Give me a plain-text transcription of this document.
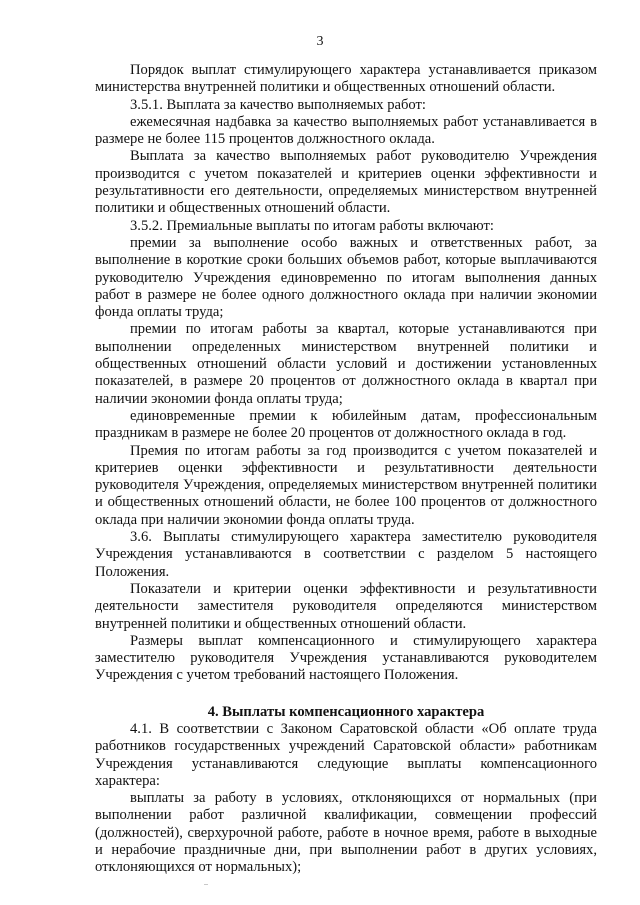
3

Порядок выплат стимулирующего характера устанавливается приказом министерства внутренней политики и общественных отношений области.

3.5.1. Выплата за качество выполняемых работ:

ежемесячная надбавка за качество выполняемых работ устанавливается в размере не более 115 процентов должностного оклада.

Выплата за качество выполняемых работ руководителю Учреждения производится с учетом показателей и критериев оценки эффективности и результативности его деятельности, определяемых министерством внутренней политики и общественных отношений области.

3.5.2. Премиальные выплаты по итогам работы включают:

премии за выполнение особо важных и ответственных работ, за выполнение в короткие сроки больших объемов работ, которые выплачиваются руководителю Учреждения единовременно по итогам выполнения данных работ в размере не более одного должностного оклада при наличии экономии фонда оплаты труда;

премии по итогам работы за квартал, которые устанавливаются при выполнении определенных министерством внутренней политики и общественных отношений области условий и достижении установленных показателей, в размере 20 процентов от должностного оклада в квартал при наличии экономии фонда оплаты труда;

единовременные премии к юбилейным датам, профессиональным праздникам в размере не более 20 процентов от должностного оклада в год.

Премия по итогам работы за год производится с учетом показателей и критериев оценки эффективности и результативности деятельности руководителя Учреждения, определяемых министерством внутренней политики и общественных отношений области, не более 100 процентов от должностного оклада при наличии экономии фонда оплаты труда.

3.6. Выплаты стимулирующего характера заместителю руководителя Учреждения устанавливаются в соответствии с разделом 5 настоящего Положения.

Показатели и критерии оценки эффективности и результативности деятельности заместителя руководителя определяются министерством внутренней политики и общественных отношений области.

Размеры выплат компенсационного и стимулирующего характера заместителю руководителя Учреждения устанавливаются руководителем Учреждения с учетом требований настоящего Положения.

4. Выплаты компенсационного характера

4.1. В соответствии с Законом Саратовской области «Об оплате труда работников государственных учреждений Саратовской области» работникам Учреждения устанавливаются следующие выплаты компенсационного характера:

выплаты за работу в условиях, отклоняющихся от нормальных (при выполнении работ различной квалификации, совмещении профессий (должностей), сверхурочной работе, работе в ночное время, работе в выходные и нерабочие праздничные дни, при выполнении работ в других условиях, отклоняющихся от нормальных);
